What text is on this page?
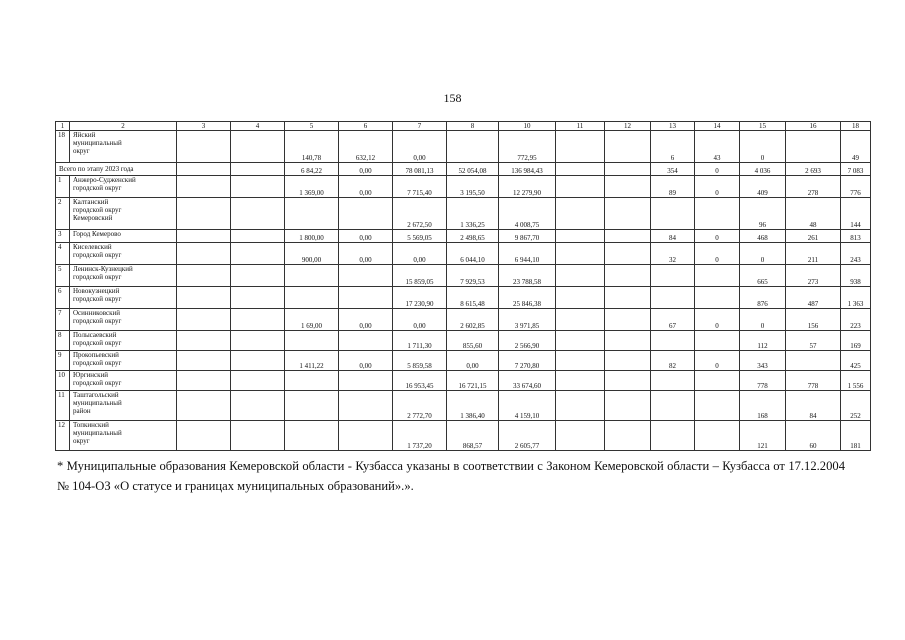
158
1	2	3	4	5	6	7	8	10	11	12	13	14	15	16	18
18	Яйский
муниципальный
округ			140,78	632,12	0,00		772,95			6	43	0		49
Всего по этапу 2023 года				6 84,22	0,00	78 081,13	52 054,08	136 984,43			354	0	4 036	2 693	7 083
1	Анжеро-Судженский
городской округ			1 369,00	0,00	7 715,40	3 195,50	12 279,90			89	0	409	278	776
2	Калтанский
городской округ
Кемеровский					2 672,50	1 336,25	4 008,75					96	48	144
3	Город Кемерово			1 800,00	0,00	5 569,05	2 498,65	9 867,70			84	0	468	261	813
4	Киселевский
городской округ			900,00	0,00	0,00	6 044,10	6 944,10			32	0	0	211	243
5	Ленинск-Кузнецкий
городской округ					15 859,05	7 929,53	23 788,58					665	273	938
6	Новокузнецкий
городской округ					17 230,90	8 615,48	25 846,38					876	487	1 363
7	Осинниковский
городской округ			1 69,00	0,00	0,00	2 602,85	3 971,85			67	0	0	156	223
8	Полысаевский
городской округ					1 711,30	855,60	2 566,90					112	57	169
9	Прокопьевский
городской округ			1 411,22	0,00	5 859,58	0,00	7 270,80			82	0	343		425
10	Юргинский
городской округ					16 953,45	16 721,15	33 674,60					778	778	1 556
11	Таштагольский
муниципальный
район					2 772,70	1 386,40	4 159,10					168	84	252
12	Топкинский
муниципальный
округ					1 737,20	868,57	2 605,77					121	60	181
* Муниципальные образования Кемеровской области - Кузбасса указаны в соответствии с Законом Кемеровской области – Кузбасса от 17.12.2004 № 104-ОЗ «О статусе и границах муниципальных образований».».
